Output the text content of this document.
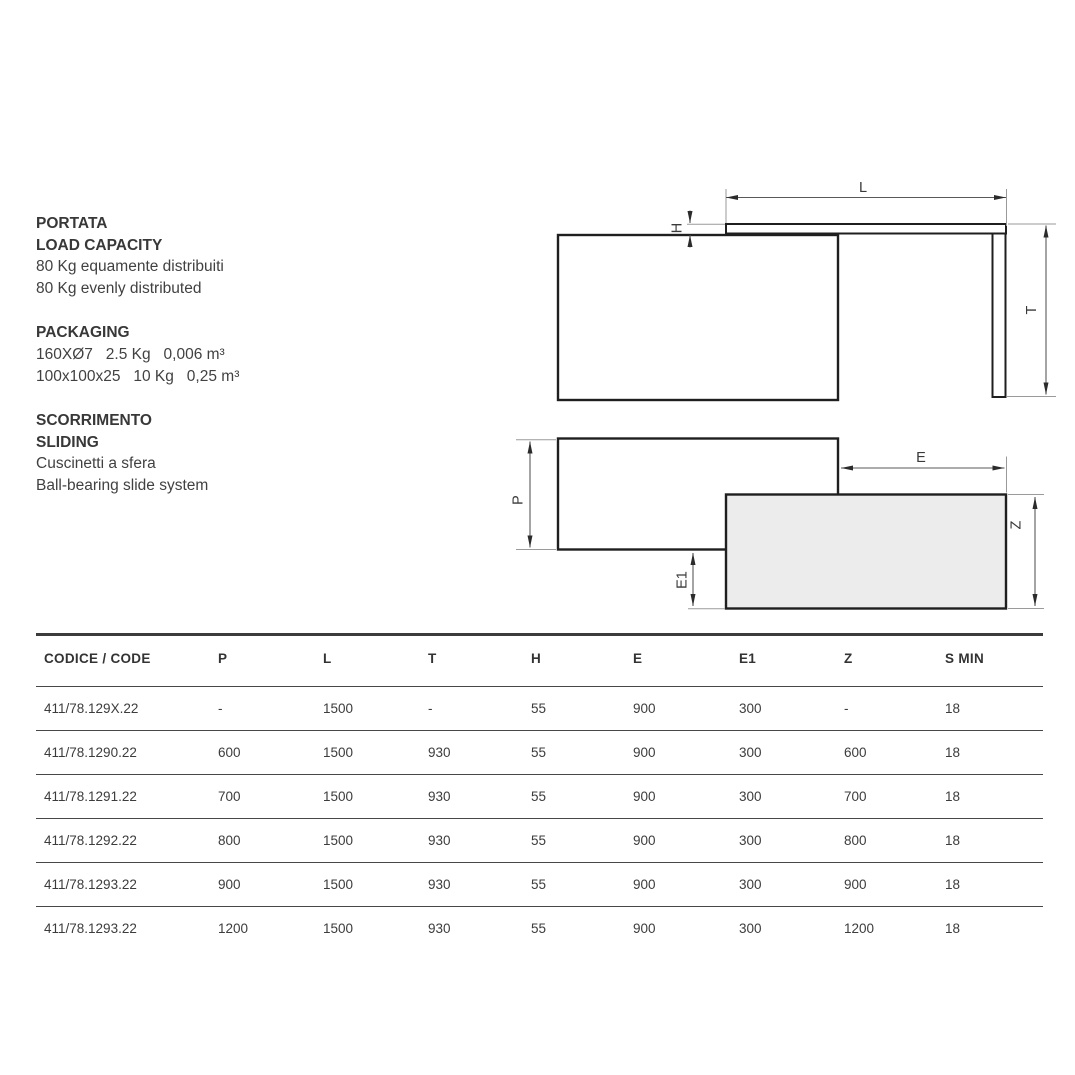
L
H
T
P
E
E1
Z
PORTATA
LOAD CAPACITY
80 Kg equamente distribuiti
80 Kg evenly distributed
PACKAGING
160XØ7   2.5 Kg   0,006 m³
100x100x25   10 Kg   0,25 m³
SCORRIMENTO
SLIDING
Cuscinetti a sfera
Ball-bearing slide system
CODICE / CODE	P	L	T	H	E	E1	Z	S MIN
411/78.129X.22	-	1500	-	55	900	300	-	18
411/78.1290.22	600	1500	930	55	900	300	600	18
411/78.1291.22	700	1500	930	55	900	300	700	18
411/78.1292.22	800	1500	930	55	900	300	800	18
411/78.1293.22	900	1500	930	55	900	300	900	18
411/78.1293.22	1200	1500	930	55	900	300	1200	18
